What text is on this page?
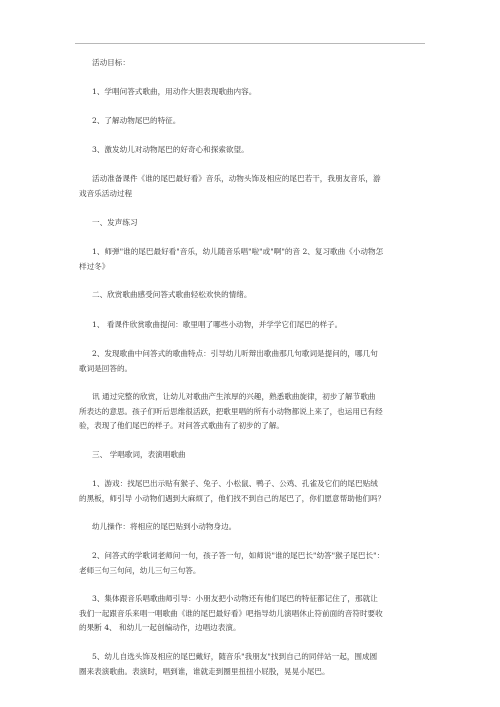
活动目标：
1、学唱问答式歌曲，用动作大胆表现歌曲内容。
2、了解动物尾巴的特征。
3、激发幼儿对动物尾巴的好奇心和探索欲望。
活动准备课件《谁的尾巴最好看》音乐，动物头饰及相应的尾巴若干，我朋友音乐，游
戏音乐活动过程
一、发声练习
1、师弹"谁的尾巴最好看"音乐，幼儿随音乐唱"啦"或"啊"的音 2、复习歌曲《小动物怎
样过冬》
二、欣赏歌曲感受问答式歌曲轻松欢快的情绪。
1、 看课件欣赏歌曲提问：歌里唱了哪些小动物，并学学它们尾巴的样子。
2、发现歌曲中问答式的歌曲特点：引导幼儿听辩出歌曲那几句歌词是提问的，哪几句
歌词是回答的。
讯 通过完整的欣赏，让幼儿对歌曲产生浓厚的兴趣，熟悉歌曲旋律，初步了解节歌曲
所表达的意思。孩子们听后思维很活跃，把歌里唱的所有小动物都说上来了，也运用已有经
验，表现了他们尾巴的样子。对问答式歌曲有了初步的了解。
三、 学唱歌词，表演唱歌曲
1、游戏：找尾巴出示贴有猴子、兔子、小松鼠、鸭子、公鸡、孔雀及它们的尾巴贴绒
的黑板，师引导 小动物们遇到大麻烦了，他们找不到自己的尾巴了，你们愿意帮助他们吗？
幼儿操作：将相应的尾巴贴到小动物身边。
2、问答式的学歌词老师问一句，孩子答一句，如师说"谁的尾巴长"幼答"猴子尾巴长"：
老师三句三句问，幼儿三句三句答。
3、集体跟音乐唱歌曲师引导：小朋友把小动物还有他们尾巴的特征都记住了，那就让
我们一起跟音乐来唱一唱歌曲《谁的尾巴最好看》吧指导幼儿演唱休止符前面的音符时要收
的果断 4、 和幼儿一起创编动作，边唱边表演。
5、幼儿自选头饰及相应的尾巴戴好，随音乐"我朋友"找到自己的同伴站一起，围成圆
圈来表演歌曲。表演时，唱到谁，谁就走到圈里扭扭小屁股，晃晃小尾巴。
